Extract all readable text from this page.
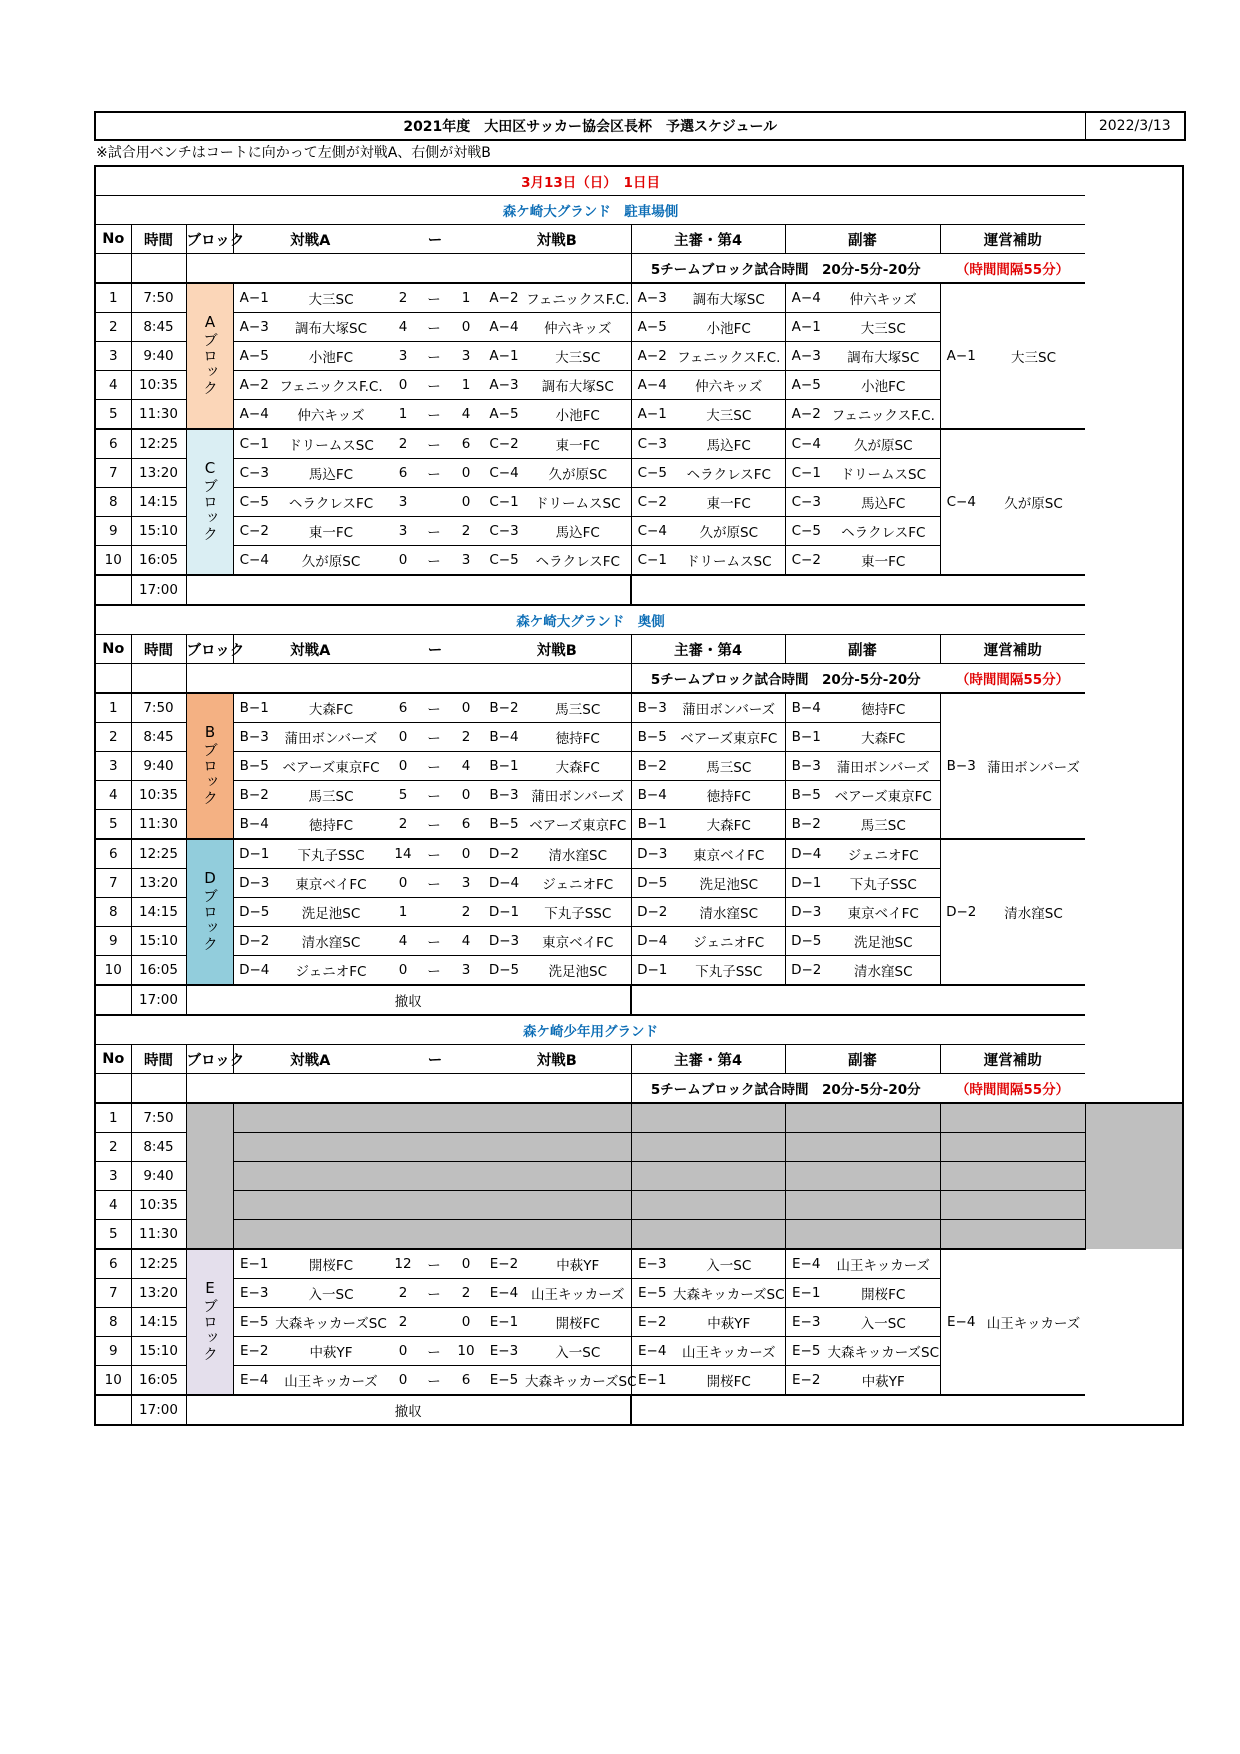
2021年度　大田区サッカー協会区長杯　予選スケジュール	2022/3/13
※試合用ベンチはコートに向かって左側が対戦A、右側が対戦B
3月13日（日）　1日目																
森ケ崎大グランド　駐車場側																
No	時間	ブロック	対戦A		ー			対戦B		主審・第4		副審		運営補助		
										5チームブロック試合時間　20分-5分-20分				（時間間隔55分）		
1	7:50	Aブロック	A−1	大三SC	2	ー	1	A−2	フェニックスF.C.	A−3	調布大塚SC	A−4	仲六キッズ	A−1	大三SC	
2	8:45		A−3	調布大塚SC	4	ー	0	A−4	仲六キッズ	A−5	小池FC	A−1	大三SC			
3	9:40		A−5	小池FC	3	ー	3	A−1	大三SC	A−2	フェニックスF.C.	A−3	調布大塚SC			
4	10:35		A−2	フェニックスF.C.	0	ー	1	A−3	調布大塚SC	A−4	仲六キッズ	A−5	小池FC			
5	11:30		A−4	仲六キッズ	1	ー	4	A−5	小池FC	A−1	大三SC	A−2	フェニックスF.C.			
6	12:25	Cブロック	C−1	ドリームスSC	2	ー	6	C−2	東一FC	C−3	馬込FC	C−4	久が原SC	C−4	久が原SC	
7	13:20		C−3	馬込FC	6	ー	0	C−4	久が原SC	C−5	ヘラクレスFC	C−1	ドリームスSC			
8	14:15		C−5	ヘラクレスFC	3		0	C−1	ドリームスSC	C−2	東一FC	C−3	馬込FC			
9	15:10		C−2	東一FC	3	ー	2	C−3	馬込FC	C−4	久が原SC	C−5	ヘラクレスFC			
10	16:05		C−4	久が原SC	0	ー	3	C−5	ヘラクレスFC	C−1	ドリームスSC	C−2	東一FC			
	17:00															
森ケ崎大グランド　奥側																
No	時間	ブロック	対戦A		ー			対戦B		主審・第4		副審		運営補助		
										5チームブロック試合時間　20分-5分-20分				（時間間隔55分）		
1	7:50	Bブロック	B−1	大森FC	6	ー	0	B−2	馬三SC	B−3	蒲田ボンバーズ	B−4	徳持FC	B−3	蒲田ボンバーズ	
2	8:45		B−3	蒲田ボンバーズ	0	ー	2	B−4	徳持FC	B−5	ベアーズ東京FC	B−1	大森FC			
3	9:40		B−5	ベアーズ東京FC	0	ー	4	B−1	大森FC	B−2	馬三SC	B−3	蒲田ボンバーズ			
4	10:35		B−2	馬三SC	5	ー	0	B−3	蒲田ボンバーズ	B−4	徳持FC	B−5	ベアーズ東京FC			
5	11:30		B−4	徳持FC	2	ー	6	B−5	ベアーズ東京FC	B−1	大森FC	B−2	馬三SC			
6	12:25	Dブロック	D−1	下丸子SSC	14	ー	0	D−2	清水窪SC	D−3	東京ベイFC	D−4	ジェニオFC	D−2	清水窪SC	
7	13:20		D−3	東京ベイFC	0	ー	3	D−4	ジェニオFC	D−5	洗足池SC	D−1	下丸子SSC			
8	14:15		D−5	洗足池SC	1		2	D−1	下丸子SSC	D−2	清水窪SC	D−3	東京ベイFC			
9	15:10		D−2	清水窪SC	4	ー	4	D−3	東京ベイFC	D−4	ジェニオFC	D−5	洗足池SC			
10	16:05		D−4	ジェニオFC	0	ー	3	D−5	洗足池SC	D−1	下丸子SSC	D−2	清水窪SC			
	17:00	撤収														
森ケ崎少年用グランド																
No	時間	ブロック	対戦A		ー			対戦B		主審・第4		副審		運営補助		
										5チームブロック試合時間　20分-5分-20分				（時間間隔55分）		
1	7:50															
2	8:45															
3	9:40															
4	10:35															
5	11:30															
6	12:25	Eブロック	E−1	開桜FC	12	ー	0	E−2	中萩YF	E−3	入一SC	E−4	山王キッカーズ	E−4	山王キッカーズ	
7	13:20		E−3	入一SC	2	ー	2	E−4	山王キッカーズ	E−5	大森キッカーズSC	E−1	開桜FC			
8	14:15		E−5	大森キッカーズSC	2		0	E−1	開桜FC	E−2	中萩YF	E−3	入一SC			
9	15:10		E−2	中萩YF	0	ー	10	E−3	入一SC	E−4	山王キッカーズ	E−5	大森キッカーズSC			
10	16:05		E−4	山王キッカーズ	0	ー	6	E−5	大森キッカーズSC	E−1	開桜FC	E−2	中萩YF			
	17:00	撤収														
